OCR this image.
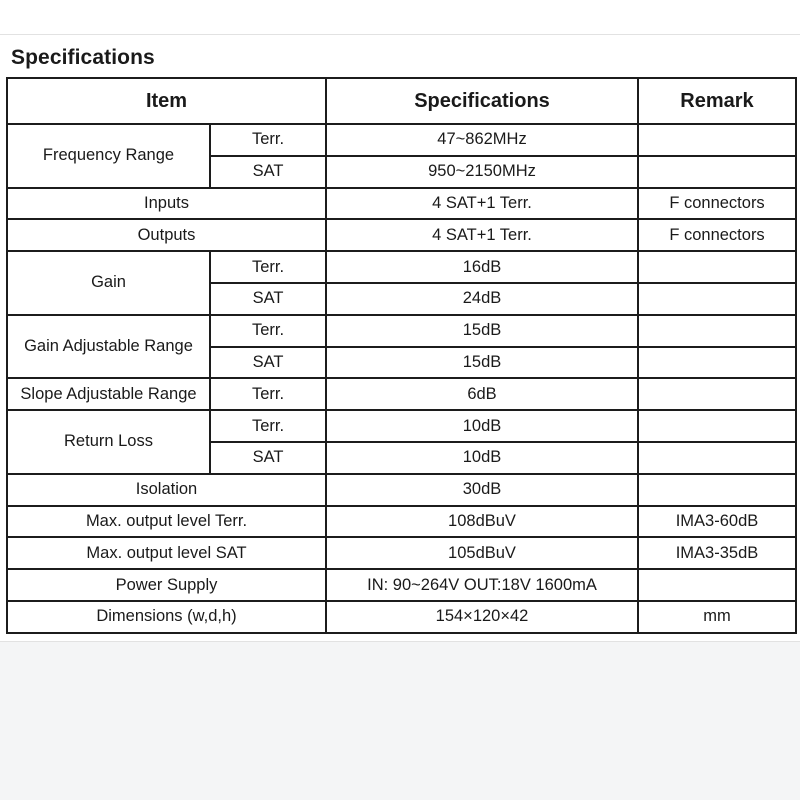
Specifications
Item		Specifications	Remark
Frequency Range	Terr.	47~862MHz	
	SAT	950~2150MHz	
Inputs		4 SAT+1 Terr.	F connectors
Outputs		4 SAT+1 Terr.	F connectors
Gain	Terr.	16dB	
	SAT	24dB	
Gain Adjustable Range	Terr.	15dB	
	SAT	15dB	
Slope Adjustable Range	Terr.	6dB	
Return Loss	Terr.	10dB	
	SAT	10dB	
Isolation		30dB	
Max. output level Terr.		108dBuV	IMA3-60dB
Max. output level SAT		105dBuV	IMA3-35dB
Power Supply		IN: 90~264V OUT:18V 1600mA	
Dimensions (w,d,h)		154×120×42	mm
